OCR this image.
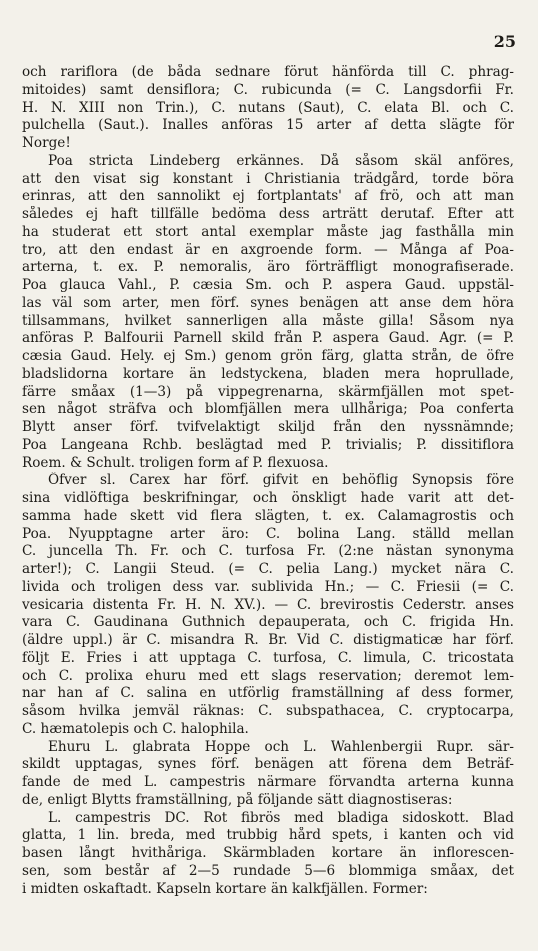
25
och rariflora (de båda sednare förut hänförda till C. phrag-
mitoides) samt densiflora; C. rubicunda (= C. Langsdorfii Fr.
H. N. XIII non Trin.), C. nutans (Saut), C. elata Bl. och C.
pulchella (Saut.). Inalles anföras 15 arter af detta slägte för
Norge!
Poa stricta Lindeberg erkännes. Då såsom skäl anföres,
att den visat sig konstant i Christiania trädgård, torde böra
erinras, att den sannolikt ej fortplantats' af frö, och att man
således ej haft tillfälle bedöma dess arträtt derutaf. Efter att
ha studerat ett stort antal exemplar måste jag fasthålla min
tro, att den endast är en axgroende form. — Många af Poa-
arterna, t. ex. P. nemoralis, äro förträffligt monografiserade.
Poa glauca Vahl., P. cæsia Sm. och P. aspera Gaud. uppstäl-
las väl som arter, men förf. synes benägen att anse dem höra
tillsammans, hvilket sannerligen alla måste gilla! Såsom nya
anföras P. Balfourii Parnell skild från P. aspera Gaud. Agr. (= P.
cæsia Gaud. Hely. ej Sm.) genom grön färg, glatta strån, de öfre
bladslidorna kortare än ledstyckena, bladen mera hoprullade,
färre småax (1—3) på vippegrenarna, skärmfjällen mot spet-
sen något sträfva och blomfjällen mera ullhåriga; Poa conferta
Blytt anser förf. tvifvelaktigt skiljd från den nyssnämnde;
Poa Langeana Rchb. beslägtad med P. trivialis; P. dissitiflora
Roem. & Schult. troligen form af P. flexuosa.
Öfver sl. Carex har förf. gifvit en behöflig Synopsis före
sina vidlöftiga beskrifningar, och önskligt hade varit att det-
samma hade skett vid flera slägten, t. ex. Calamagrostis och
Poa. Nyupptagne arter äro: C. bolina Lang. ställd mellan
C. juncella Th. Fr. och C. turfosa Fr. (2:ne nästan synonyma
arter!); C. Langii Steud. (= C. pelia Lang.) mycket nära C.
livida och troligen dess var. sublivida Hn.; — C. Friesii (= C.
vesicaria distenta Fr. H. N. XV.). — C. brevirostis Cederstr. anses
vara C. Gaudinana Guthnich depauperata, och C. frigida Hn.
(äldre uppl.) är C. misandra R. Br. Vid C. distigmaticæ har förf.
följt E. Fries i att upptaga C. turfosa, C. limula, C. tricostata
och C. prolixa ehuru med ett slags reservation; deremot lem-
nar han af C. salina en utförlig framställning af dess former,
såsom hvilka jemväl räknas: C. subspathacea, C. cryptocarpa,
C. hæmatolepis och C. halophila.
Ehuru L. glabrata Hoppe och L. Wahlenbergii Rupr. sär-
skildt upptagas, synes förf. benägen att förena dem Beträf-
fande de med L. campestris närmare förvandta arterna kunna
de, enligt Blytts framställning, på följande sätt diagnostiseras:
L. campestris DC. Rot fibrös med bladiga sidoskott. Blad
glatta, 1 lin. breda, med trubbig hård spets, i kanten och vid
basen långt hvithåriga. Skärmbladen kortare än inflorescen-
sen, som består af 2—5 rundade 5—6 blommiga småax, det
i midten oskaftadt. Kapseln kortare än kalkfjällen. Former:
